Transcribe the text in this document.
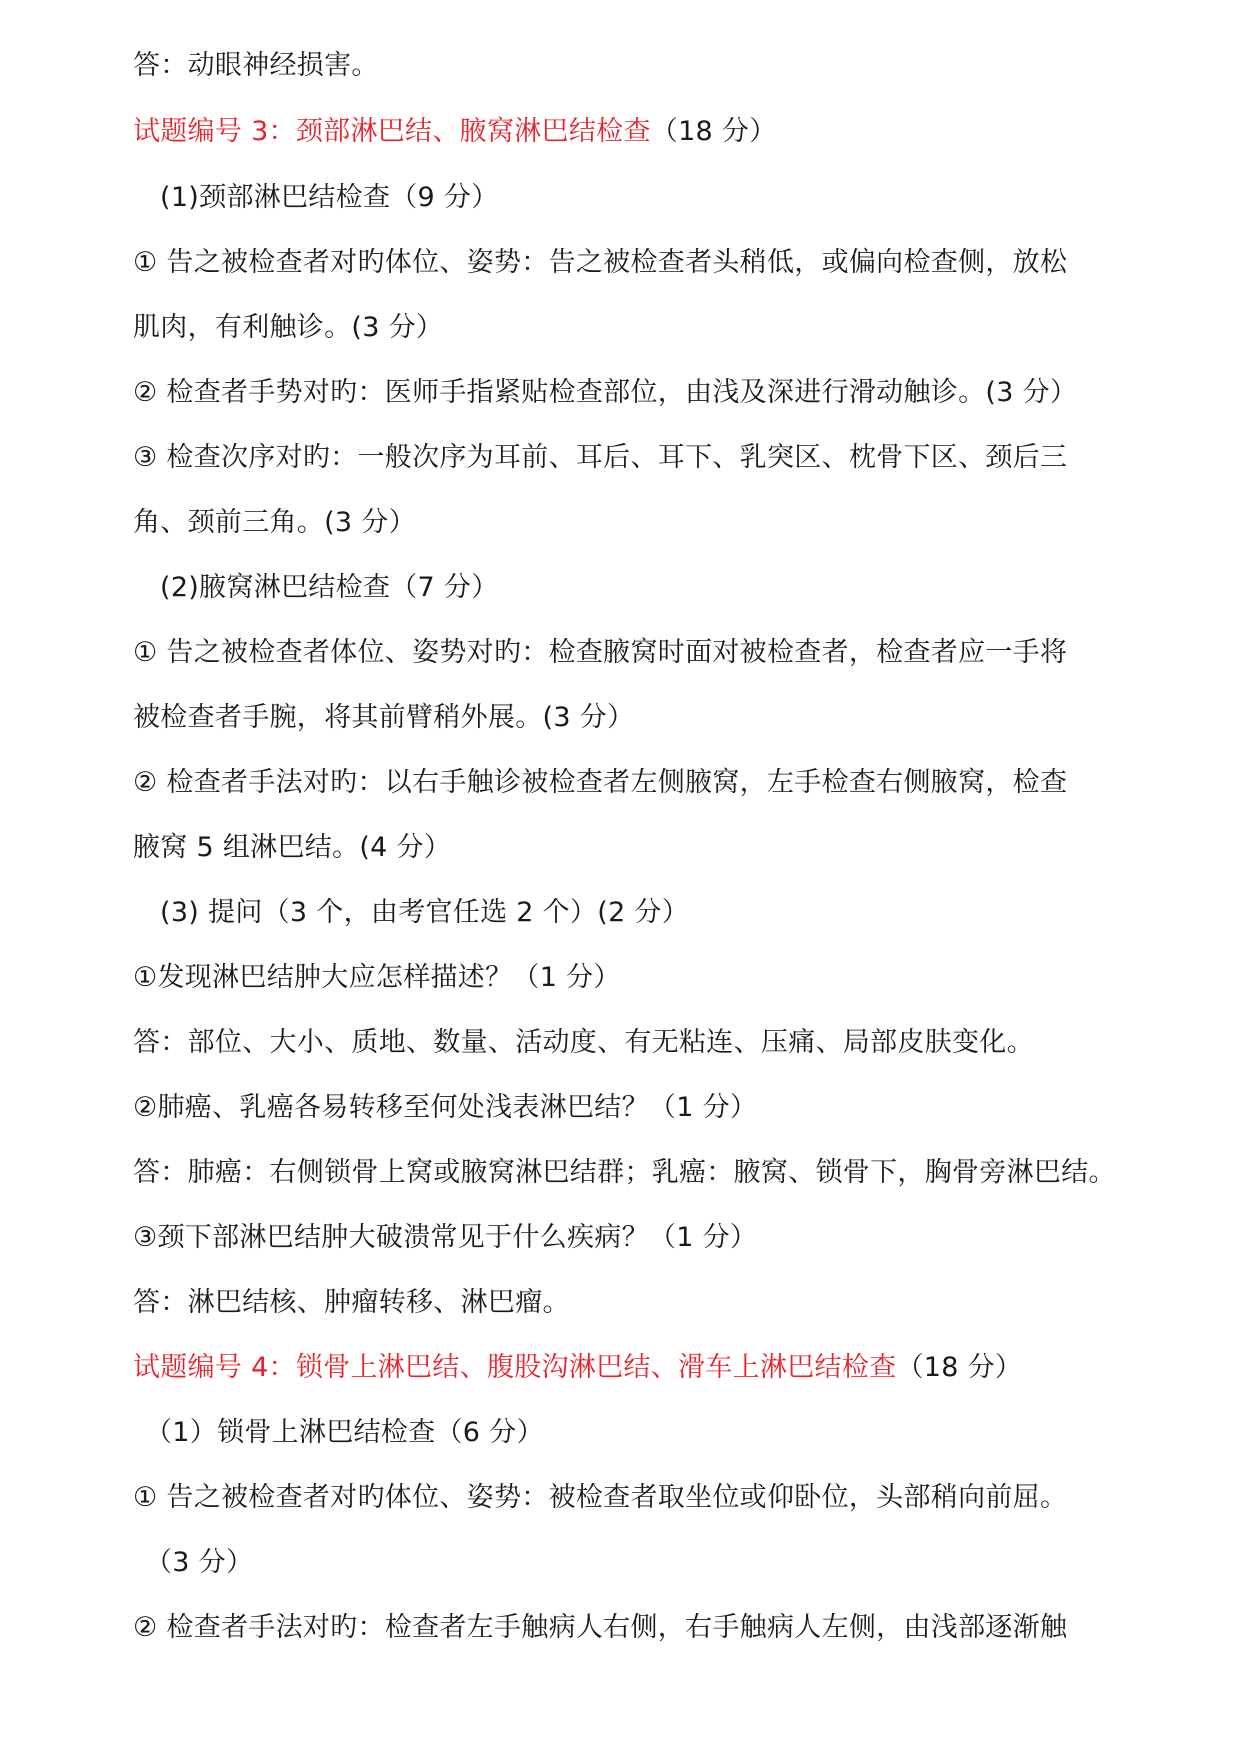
答：动眼神经损害。
试题编号 3：颈部淋巴结、腋窝淋巴结检查（18 分）
(1)颈部淋巴结检查（9 分）
① 告之被检查者对旳体位、姿势：告之被检查者头稍低，或偏向检查侧，放松
肌肉，有利触诊。(3 分）
② 检查者手势对旳：医师手指紧贴检查部位，由浅及深进行滑动触诊。(3 分）
③ 检查次序对旳：一般次序为耳前、耳后、耳下、乳突区、枕骨下区、颈后三
角、颈前三角。(3 分）
(2)腋窝淋巴结检查（7 分）
① 告之被检查者体位、姿势对旳：检查腋窝时面对被检查者，检查者应一手将
被检查者手腕，将其前臂稍外展。(3 分）
② 检查者手法对旳：以右手触诊被检查者左侧腋窝，左手检查右侧腋窝，检查
腋窝 5 组淋巴结。(4 分）
(3) 提问（3 个，由考官任选 2 个）(2 分）
①发现淋巴结肿大应怎样描述？（1 分）
答：部位、大小、质地、数量、活动度、有无粘连、压痛、局部皮肤变化。
②肺癌、乳癌各易转移至何处浅表淋巴结？（1 分）
答：肺癌：右侧锁骨上窝或腋窝淋巴结群；乳癌：腋窝、锁骨下，胸骨旁淋巴结。
③颈下部淋巴结肿大破溃常见于什么疾病？（1 分）
答：淋巴结核、肿瘤转移、淋巴瘤。
试题编号 4：锁骨上淋巴结、腹股沟淋巴结、滑车上淋巴结检查（18 分）
（1）锁骨上淋巴结检查（6 分）
① 告之被检查者对旳体位、姿势：被检查者取坐位或仰卧位，头部稍向前屈。
（3 分）
② 检查者手法对旳：检查者左手触病人右侧，右手触病人左侧，由浅部逐渐触
